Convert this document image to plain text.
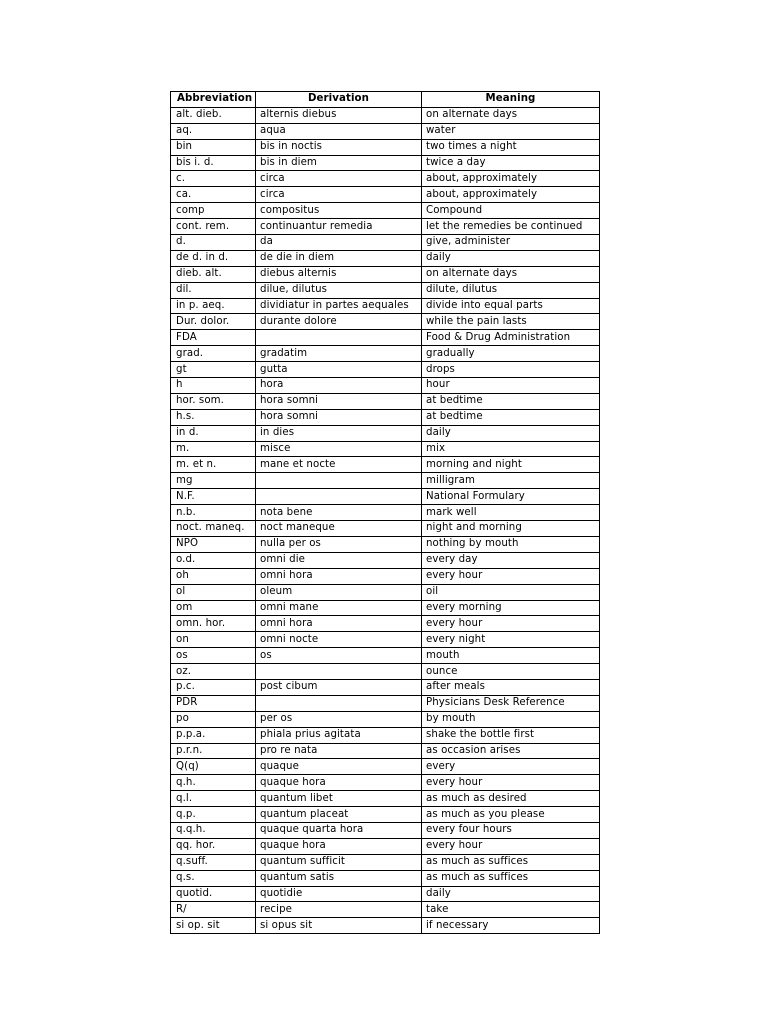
Abbreviation	Derivation	Meaning
alt. dieb.	alternis diebus	on alternate days
aq.	aqua	water
bin	bis in noctis	two times a night
bis i. d.	bis in diem	twice a day
c.	circa	about, approximately
ca.	circa	about, approximately
comp	compositus	Compound
cont. rem.	continuantur remedia	let the remedies be continued
d.	da	give, administer
de d. in d.	de die in diem	daily
dieb. alt.	diebus alternis	on alternate days
dil.	dilue, dilutus	dilute, dilutus
in p. aeq.	dividiatur in partes aequales	divide into equal parts
Dur. dolor.	durante dolore	while the pain lasts
FDA		Food & Drug Administration
grad.	gradatim	gradually
gt	gutta	drops
h	hora	hour
hor. som.	hora somni	at bedtime
h.s.	hora somni	at bedtime
in d.	in dies	daily
m.	misce	mix
m. et n.	mane et nocte	morning and night
mg		milligram
N.F.		National Formulary
n.b.	nota bene	mark well
noct. maneq.	noct maneque	night and morning
NPO	nulla per os	nothing by mouth
o.d.	omni die	every day
oh	omni hora	every hour
ol	oleum	oil
om	omni mane	every morning
omn. hor.	omni hora	every hour
on	omni nocte	every night
os	os	mouth
oz.		ounce
p.c.	post cibum	after meals
PDR		Physicians Desk Reference
po	per os	by mouth
p.p.a.	phiala prius agitata	shake the bottle first
p.r.n.	pro re nata	as occasion arises
Q(q)	quaque	every
q.h.	quaque hora	every hour
q.l.	quantum libet	as much as desired
q.p.	quantum placeat	as much as you please
q.q.h.	quaque quarta hora	every four hours
qq. hor.	quaque hora	every hour
q.suff.	quantum sufficit	as much as suffices
q.s.	quantum satis	as much as suffices
quotid.	quotidie	daily
R/	recipe	take
si op. sit	si opus sit	if necessary
